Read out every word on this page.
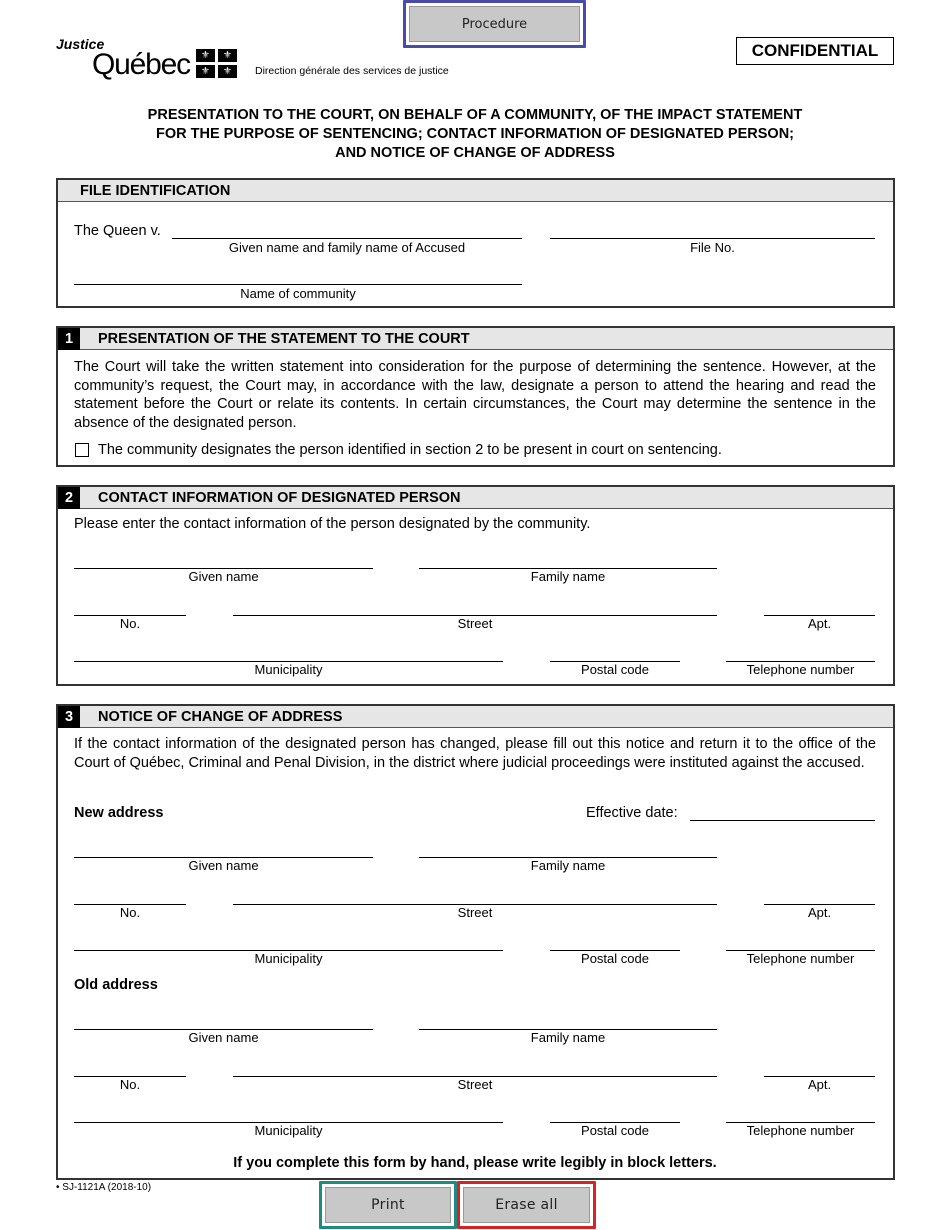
Procedure
Justice
Québec	⚜	⚜
⚜	⚜	Direction générale des services de justice
CONFIDENTIAL
PRESENTATION TO THE COURT, ON BEHALF OF A COMMUNITY, OF THE IMPACT STATEMENT
FOR THE PURPOSE OF SENTENCING; CONTACT INFORMATION OF DESIGNATED PERSON;
AND NOTICE OF CHANGE OF ADDRESS
FILE IDENTIFICATION
The Queen v.
Given name and family name of Accused	File No.
Name of community
1	PRESENTATION OF THE STATEMENT TO THE COURT
The Court will take the written statement into consideration for the purpose of determining the sentence. However, at the community’s request, the Court may, in accordance with the law, designate a person to attend the hearing and read the statement before the Court or relate its contents. In certain circumstances, the Court may determine the sentence in the absence of the designated person.
The community designates the person identified in section 2 to be present in court on sentencing.
2	CONTACT INFORMATION OF DESIGNATED PERSON
Please enter the contact information of the person designated by the community.
Given name	Family name
No.	Street	Apt.
Municipality	Postal code	Telephone number
3	NOTICE OF CHANGE OF ADDRESS
If the contact information of the designated person has changed, please fill out this notice and return it to the office of the Court of Québec, Criminal and Penal Division, in the district where judicial proceedings were instituted against the accused.
New address	Effective date:
Given name	Family name
No.	Street	Apt.
Municipality	Postal code	Telephone number
Old address
Given name	Family name
No.	Street	Apt.
Municipality	Postal code	Telephone number
If you complete this form by hand, please write legibly in block letters.
• SJ-1121A (2018-10)
Print	Erase all
